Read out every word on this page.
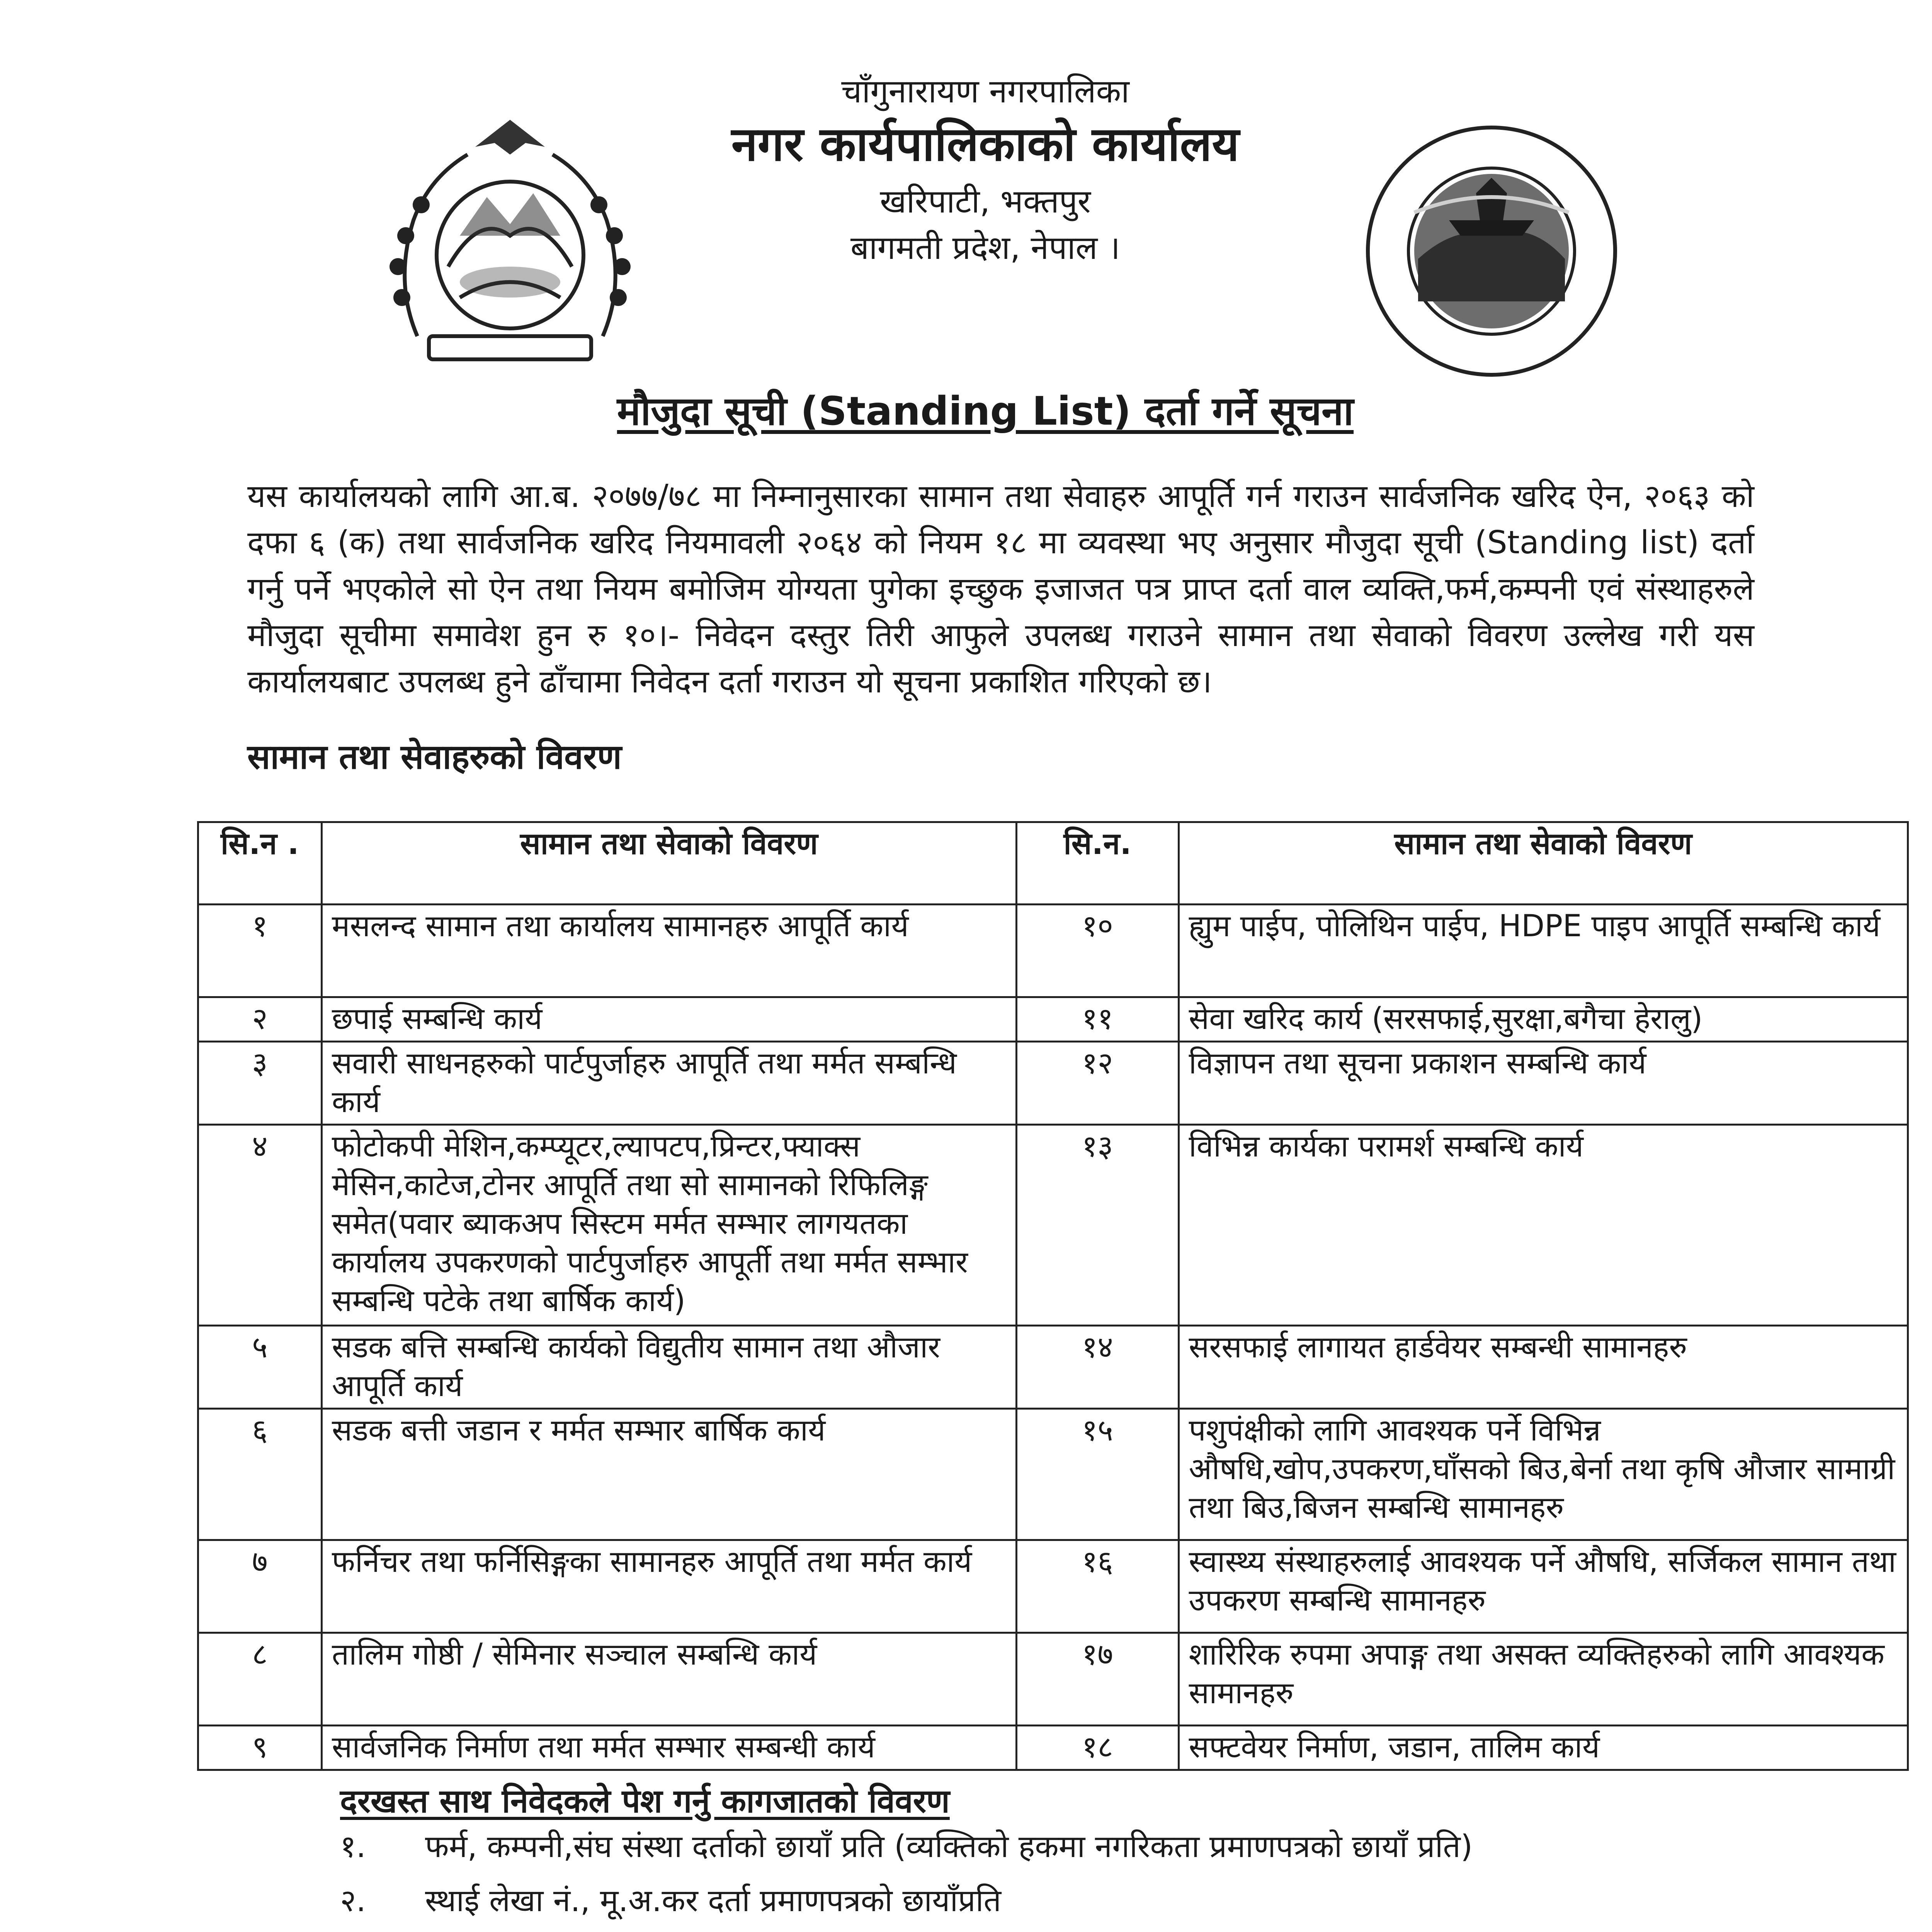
चाँगुनारायण नगरपालिका
नगर कार्यपालिकाको कार्यालय
खरिपाटी, भक्तपुर
बागमती प्रदेश, नेपाल ।
मौजुदा सूची (Standing List) दर्ता गर्ने सूचना

यस कार्यालयको लागि आ.ब. २०७७/७८ मा निम्नानुसारका सामान तथा सेवाहरु आपूर्ति गर्न गराउन सार्वजनिक खरिद ऐन, २०६३ को दफा ६ (क) तथा सार्वजनिक खरिद नियमावली २०६४ को नियम १८ मा व्यवस्था भए अनुसार मौजुदा सूची (Standing list) दर्ता गर्नु पर्ने भएकोले सो ऐन तथा नियम बमोजिम योग्यता पुगेका इच्छुक इजाजत पत्र प्राप्त दर्ता वाल व्यक्ति,फर्म,कम्पनी एवं संस्थाहरुले मौजुदा सूचीमा समावेश हुन रु १०।- निवेदन दस्तुर तिरी आफुले उपलब्ध गराउने सामान तथा सेवाको विवरण उल्लेख गरी यस कार्यालयबाट उपलब्ध हुने ढाँचामा निवेदन दर्ता गराउन यो सूचना प्रकाशित गरिएको छ।

सामान तथा सेवाहरुको विवरण
सि.न .	सामान तथा सेवाको विवरण	सि.न.	सामान तथा सेवाको विवरण
१	मसलन्द सामान तथा कार्यालय सामानहरु आपूर्ति कार्य	१०	ह्युम पाईप, पोलिथिन पाईप, HDPE पाइप आपूर्ति सम्बन्धि कार्य
२	छपाई सम्बन्धि कार्य	११	सेवा खरिद कार्य (सरसफाई,सुरक्षा,बगैचा हेरालु)
३	सवारी साधनहरुको पार्टपुर्जाहरु आपूर्ति तथा मर्मत सम्बन्धि कार्य	१२	विज्ञापन तथा सूचना प्रकाशन सम्बन्धि कार्य
४	फोटोकपी मेशिन,कम्प्यूटर,ल्यापटप,प्रिन्टर,फ्याक्स मेसिन,काटेज,टोनर आपूर्ति तथा सो सामानको रिफिलिङ्ग समेत(पवार ब्याकअप सिस्टम मर्मत सम्भार लागयतका कार्यालय उपकरणको पार्टपुर्जाहरु आपूर्ती तथा मर्मत सम्भार सम्बन्धि पटेके तथा बार्षिक कार्य)	१३	विभिन्न कार्यका परामर्श सम्बन्धि कार्य
५	सडक बत्ति सम्बन्धि कार्यको विद्युतीय सामान तथा औजार आपूर्ति कार्य	१४	सरसफाई लागायत हार्डवेयर सम्बन्धी सामानहरु
६	सडक बत्ती जडान र मर्मत सम्भार बार्षिक कार्य	१५	पशुपंक्षीको लागि आवश्यक पर्ने विभिन्न औषधि,खोप,उपकरण,घाँसको बिउ,बेर्ना तथा कृषि औजार सामाग्री तथा बिउ,बिजन सम्बन्धि सामानहरु
७	फर्निचर तथा फर्निसिङ्गका सामानहरु आपूर्ति तथा मर्मत कार्य	१६	स्वास्थ्य संस्थाहरुलाई आवश्यक पर्ने औषधि, सर्जिकल सामान तथा उपकरण सम्बन्धि सामानहरु
८	तालिम गोष्ठी / सेमिनार सञ्चाल सम्बन्धि कार्य	१७	शारिरिक रुपमा अपाङ्ग तथा असक्त व्यक्तिहरुको लागि आवश्यक सामानहरु
९	सार्वजनिक निर्माण तथा मर्मत सम्भार सम्बन्धी कार्य	१८	सफ्टवेयर निर्माण, जडान, तालिम कार्य
दरखस्त साथ निवेदकले पेश गर्नु कागजातको विवरण
१. फर्म, कम्पनी,संघ संस्था दर्ताको छायाँ प्रति (व्यक्तिको हकमा नगरिकता प्रमाणपत्रको छायाँ प्रति)

२. स्थाई लेखा नं., मू.अ.कर दर्ता प्रमाणपत्रको छायाँप्रति
